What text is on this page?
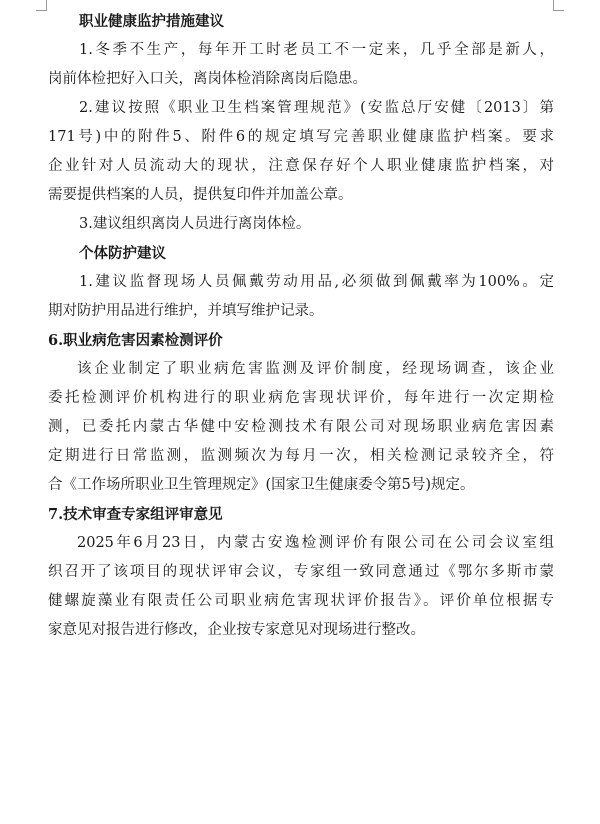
职业健康监护措施建议
1.冬季不生产，每年开工时老员工不一定来，几乎全部是新人，
岗前体检把好入口关，离岗体检消除离岗后隐患。
2.建议按照《职业卫生档案管理规范》(安监总厅安健〔2013〕第
171号)中的附件5、附件6的规定填写完善职业健康监护档案。要求
企业针对人员流动大的现状，注意保存好个人职业健康监护档案，对
需要提供档案的人员，提供复印件并加盖公章。
3.建议组织离岗人员进行离岗体检。
个体防护建议
1.建议监督现场人员佩戴劳动用品,必须做到佩戴率为100%。定
期对防护用品进行维护，并填写维护记录。
6.职业病危害因素检测评价
该企业制定了职业病危害监测及评价制度，经现场调查，该企业
委托检测评价机构进行的职业病危害现状评价，每年进行一次定期检
测，已委托内蒙古华健中安检测技术有限公司对现场职业病危害因素
定期进行日常监测，监测频次为每月一次，相关检测记录较齐全，符
合《工作场所职业卫生管理规定》(国家卫生健康委令第5号)规定。
7.技术审查专家组评审意见
2025年6月23日，内蒙古安逸检测评价有限公司在公司会议室组
织召开了该项目的现状评审会议，专家组一致同意通过《鄂尔多斯市蒙
健螺旋藻业有限责任公司职业病危害现状评价报告》。评价单位根据专
家意见对报告进行修改，企业按专家意见对现场进行整改。
